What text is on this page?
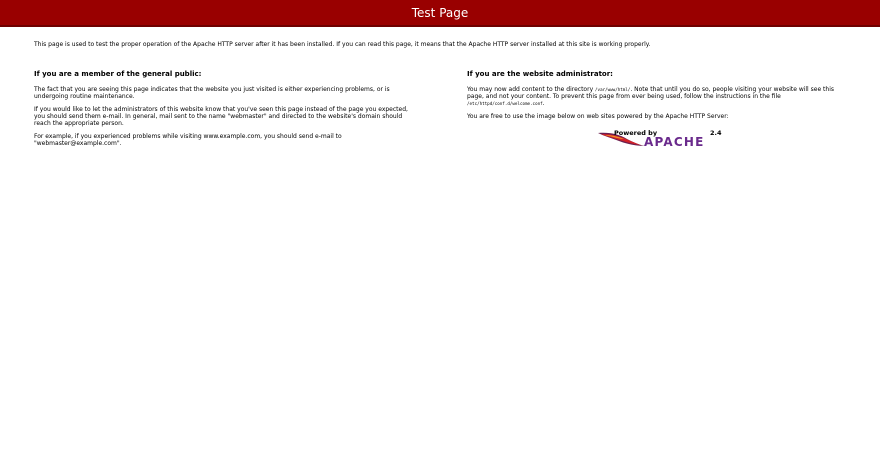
Test Page

This page is used to test the proper operation of the Apache HTTP server after it has been installed. If you can read this page, it means that the Apache HTTP server installed at this site is working properly.

If you are a member of the general public:

The fact that you are seeing this page indicates that the website you just visited is either experiencing problems, or is undergoing routine maintenance.

If you would like to let the administrators of this website know that you've seen this page instead of the page you expected, you should send them e-mail. In general, mail sent to the name "webmaster" and directed to the website's domain should reach the appropriate person.

For example, if you experienced problems while visiting www.example.com, you should send e-mail to "webmaster@example.com".

If you are the website administrator:

You may now add content to the directory /var/www/html/. Note that until you do so, people visiting your website will see this page, and not your content. To prevent this page from ever being used, follow the instructions in the file /etc/httpd/conf.d/welcome.conf.

You are free to use the image below on web sites powered by the Apache HTTP Server:

Powered by
APACHE
2.4
